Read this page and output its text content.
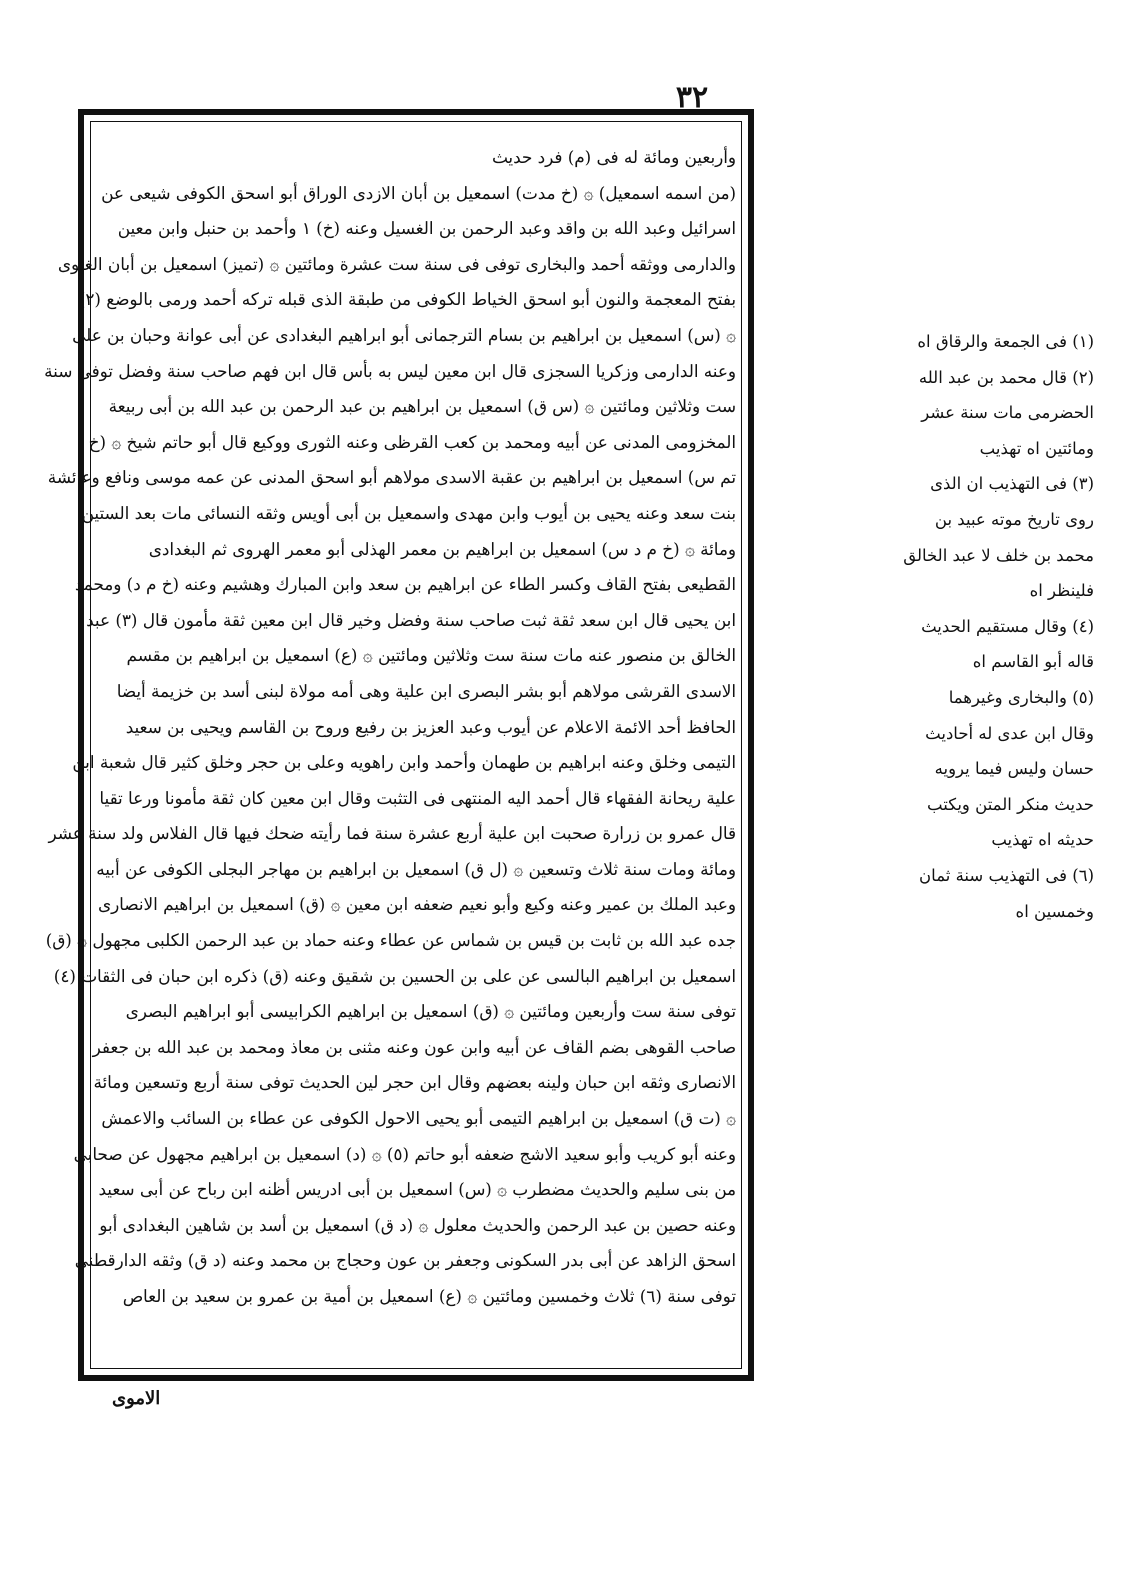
٣٢
وأربعين ومائة له فى (م) فرد حديث
(من اسمه اسمعيل) ۞ (خ مدت) اسمعيل بن أبان الازدى الوراق أبو اسحق الكوفى شيعى عن
اسرائيل وعبد الله بن واقد وعبد الرحمن بن الغسيل وعنه (خ) ١ وأحمد بن حنبل وابن معين
والدارمى ووثقه أحمد والبخارى توفى فى سنة ست عشرة ومائتين ۞ (تميز) اسمعيل بن أبان الغنوى
بفتح المعجمة والنون أبو اسحق الخياط الكوفى من طبقة الذى قبله تركه أحمد ورمى بالوضع (٢)
۞ (س) اسمعيل بن ابراهيم بن بسام الترجمانى أبو ابراهيم البغدادى عن أبى عوانة وحبان بن على
وعنه الدارمى وزكريا السجزى قال ابن معين ليس به بأس قال ابن فهم صاحب سنة وفضل توفى سنة
ست وثلاثين ومائتين ۞ (س ق) اسمعيل بن ابراهيم بن عبد الرحمن بن عبد الله بن أبى ربيعة
المخزومى المدنى عن أبيه ومحمد بن كعب القرظى وعنه الثورى ووكيع قال أبو حاتم شيخ ۞ (خ
تم س) اسمعيل بن ابراهيم بن عقبة الاسدى مولاهم أبو اسحق المدنى عن عمه موسى ونافع وعائشة
بنت سعد وعنه يحيى بن أيوب وابن مهدى واسمعيل بن أبى أويس وثقه النسائى مات بعد الستين
ومائة ۞ (خ م د س) اسمعيل بن ابراهيم بن معمر الهذلى أبو معمر الهروى ثم البغدادى
القطيعى بفتح القاف وكسر الطاء عن ابراهيم بن سعد وابن المبارك وهشيم وعنه (خ م د) ومحمد
ابن يحيى قال ابن سعد ثقة ثبت صاحب سنة وفضل وخير قال ابن معين ثقة مأمون قال (٣) عبد
الخالق بن منصور عنه مات سنة ست وثلاثين ومائتين ۞ (ع) اسمعيل بن ابراهيم بن مقسم
الاسدى القرشى مولاهم أبو بشر البصرى ابن علية وهى أمه مولاة لبنى أسد بن خزيمة أيضا
الحافظ أحد الائمة الاعلام عن أيوب وعبد العزيز بن رفيع وروح بن القاسم ويحيى بن سعيد
التيمى وخلق وعنه ابراهيم بن طهمان وأحمد وابن راهويه وعلى بن حجر وخلق كثير قال شعبة ابن
علية ريحانة الفقهاء قال أحمد اليه المنتهى فى التثبت وقال ابن معين كان ثقة مأمونا ورعا تقيا
قال عمرو بن زرارة صحبت ابن علية أربع عشرة سنة فما رأيته ضحك فيها قال الفلاس ولد سنة عشر
ومائة ومات سنة ثلاث وتسعين ۞ (ل ق) اسمعيل بن ابراهيم بن مهاجر البجلى الكوفى عن أبيه
وعبد الملك بن عمير وعنه وكيع وأبو نعيم ضعفه ابن معين ۞ (ق) اسمعيل بن ابراهيم الانصارى
جده عبد الله بن ثابت بن قيس بن شماس عن عطاء وعنه حماد بن عبد الرحمن الكلبى مجهول ۞ (ق)
اسمعيل بن ابراهيم البالسى عن على بن الحسين بن شقيق وعنه (ق) ذكره ابن حبان فى الثقات (٤)
توفى سنة ست وأربعين ومائتين ۞ (ق) اسمعيل بن ابراهيم الكرابيسى أبو ابراهيم البصرى
صاحب القوهى بضم القاف عن أبيه وابن عون وعنه مثنى بن معاذ ومحمد بن عبد الله بن جعفر
الانصارى وثقه ابن حبان ولينه بعضهم وقال ابن حجر لين الحديث توفى سنة أربع وتسعين ومائة
۞ (ت ق) اسمعيل بن ابراهيم التيمى أبو يحيى الاحول الكوفى عن عطاء بن السائب والاعمش
وعنه أبو كريب وأبو سعيد الاشج ضعفه أبو حاتم (٥) ۞ (د) اسمعيل بن ابراهيم مجهول عن صحابى
من بنى سليم والحديث مضطرب ۞ (س) اسمعيل بن أبى ادريس أظنه ابن رباح عن أبى سعيد
وعنه حصين بن عبد الرحمن والحديث معلول ۞ (د ق) اسمعيل بن أسد بن شاهين البغدادى أبو
اسحق الزاهد عن أبى بدر السكونى وجعفر بن عون وحجاج بن محمد وعنه (د ق) وثقه الدارقطنى
توفى سنة (٦) ثلاث وخمسين ومائتين ۞ (ع) اسمعيل بن أمية بن عمرو بن سعيد بن العاص
(١) فى الجمعة والرقاق اه
(٢) قال محمد بن عبد الله
الحضرمى مات سنة عشر
ومائتين اه تهذيب
(٣) فى التهذيب ان الذى
روى تاريخ موته عبيد بن
محمد بن خلف لا عبد الخالق
فلينظر اه
(٤) وقال مستقيم الحديث
قاله أبو القاسم اه
(٥) والبخارى وغيرهما
وقال ابن عدى له أحاديث
حسان وليس فيما يرويه
حديث منكر المتن ويكتب
حديثه اه تهذيب
(٦) فى التهذيب سنة ثمان
وخمسين اه
الاموى
